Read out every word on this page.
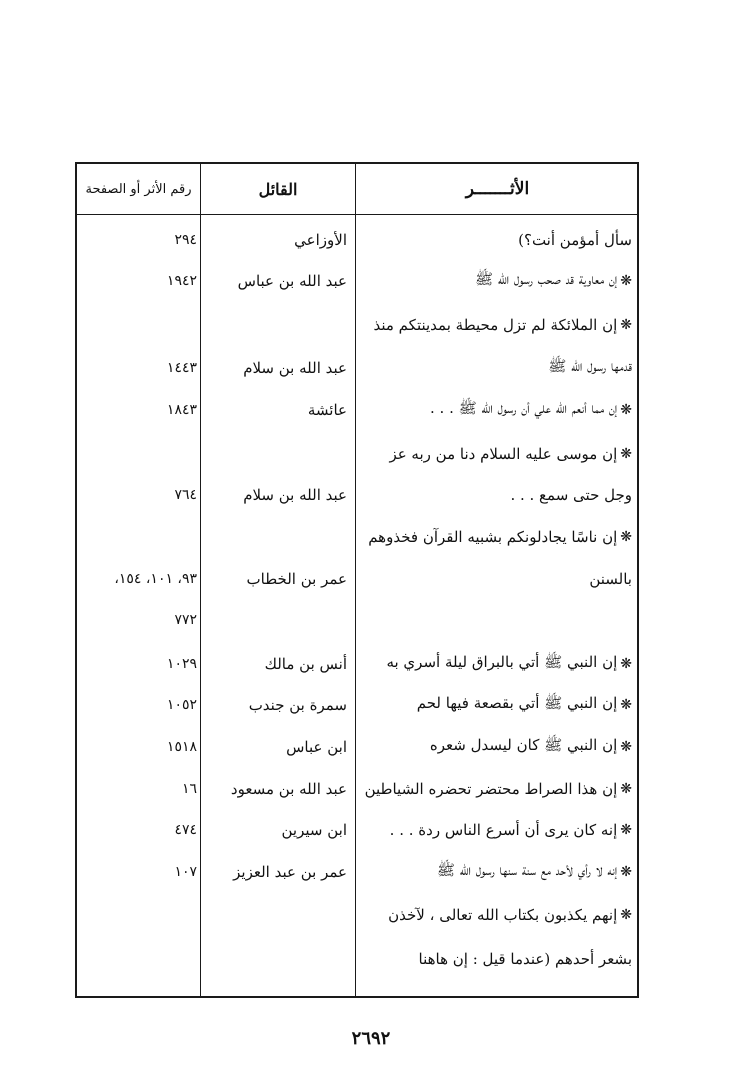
الأثـــــــر
القائل
رقم الأثر أو الصفحة
سأل أمؤمن أنت؟)
الأوزاعي
٢٩٤
❋
إن معاوية قد صحب رسول الله ﷺ
عبد الله بن عباس
١٩٤٢
❋
إن الملائكة لم تزل محيطة بمدينتكم منذ
قدمها رسول الله ﷺ
عبد الله بن سلام
١٤٤٣
❋
إن مما أنعم الله علي أن رسول الله ﷺ . . .
عائشة
١٨٤٣
❋
إن موسى عليه السلام دنا من ربه عز
وجل حتى سمع . . .
عبد الله بن سلام
٧٦٤
❋
إن ناسًا يجادلونكم بشبيه القرآن فخذوهم
بالسنن
عمر بن الخطاب
٩٣، ١٠١، ١٥٤،
٧٧٢
❋
إن النبي ﷺ أتي بالبراق ليلة أسري به
أنس بن مالك
١٠٢٩
❋
إن النبي ﷺ أتي بقصعة فيها لحم
سمرة بن جندب
١٠٥٢
❋
إن النبي ﷺ كان ليسدل شعره
ابن عباس
١٥١٨
❋
إن هذا الصراط محتضر تحضره الشياطين
عبد الله بن مسعود
١٦
❋
إنه كان يرى أن أسرع الناس ردة . . .
ابن سيرين
٤٧٤
❋
إنه لا رأي لأحد مع سنة سنها رسول الله ﷺ
عمر بن عبد العزيز
١٠٧
❋
إنهم يكذبون بكتاب الله تعالى ، لآخذن
بشعر أحدهم (عندما قيل : إن هاهنا
٢٦٩٢
